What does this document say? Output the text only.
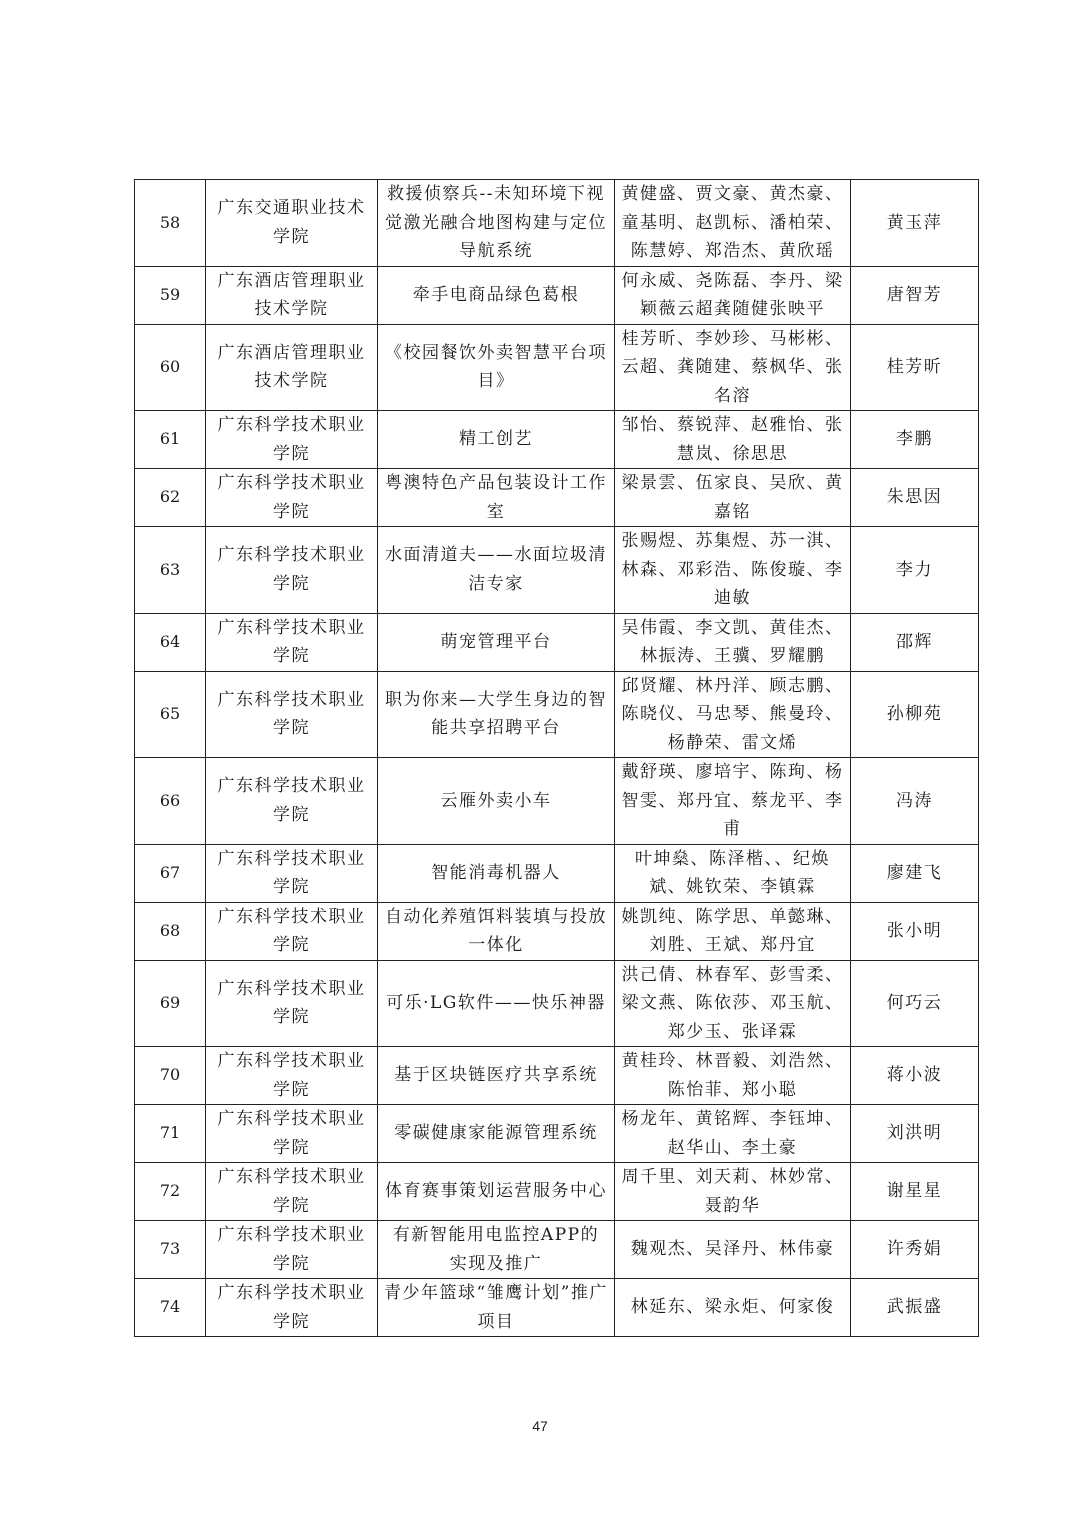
58	广东交通职业技术学院	救援侦察兵--未知环境下视觉激光融合地图构建与定位导航系统	黄健盛、贾文豪、黄杰豪、童基明、赵凯标、潘柏荣、陈慧婷、郑浩杰、黄欣瑶	黄玉萍
59	广东酒店管理职业技术学院	牵手电商品绿色葛根	何永威、尧陈磊、李丹、梁颖薇云超龚随健张映平	唐智芳
60	广东酒店管理职业技术学院	《校园餐饮外卖智慧平台项目》	桂芳昕、李妙珍、马彬彬、云超、龚随建、蔡枫华、张名溶	桂芳昕
61	广东科学技术职业学院	精工创艺	邹怡、蔡锐萍、赵雅怡、张慧岚、徐思思	李鹏
62	广东科学技术职业学院	粤澳特色产品包装设计工作室	梁景雲、伍家良、吴欣、黄嘉铭	朱思因
63	广东科学技术职业学院	水面清道夫——水面垃圾清洁专家	张赐煜、苏集煜、苏一淇、林森、邓彩浩、陈俊璇、李迪敏	李力
64	广东科学技术职业学院	萌宠管理平台	吴伟霞、李文凯、黄佳杰、林振涛、王骥、罗耀鹏	邵辉
65	广东科学技术职业学院	职为你来—大学生身边的智能共享招聘平台	邱贤耀、林丹洋、顾志鹏、陈晓仪、马忠琴、熊曼玲、杨静荣、雷文烯	孙柳苑
66	广东科学技术职业学院	云雁外卖小车	戴舒瑛、廖培宇、陈珣、杨智雯、郑丹宜、蔡龙平、李甫	冯涛
67	广东科学技术职业学院	智能消毒机器人	叶坤燊、陈泽楷、、纪焕斌、姚钦荣、李镇霖	廖建飞
68	广东科学技术职业学院	自动化养殖饵料装填与投放一体化	姚凯纯、陈学思、单懿琳、刘胜、王斌、郑丹宜	张小明
69	广东科学技术职业学院	可乐·LG软件——快乐神器	洪己倩、林春军、彭雪柔、梁文燕、陈依莎、邓玉航、郑少玉、张译霖	何巧云
70	广东科学技术职业学院	基于区块链医疗共享系统	黄桂玲、林晋毅、刘浩然、陈怡菲、郑小聪	蒋小波
71	广东科学技术职业学院	零碳健康家能源管理系统	杨龙年、黄铭辉、李钰坤、赵华山、李土豪	刘洪明
72	广东科学技术职业学院	体育赛事策划运营服务中心	周千里、刘天莉、林妙常、聂韵华	谢星星
73	广东科学技术职业学院	有新智能用电监控APP的实现及推广	魏观杰、吴泽丹、林伟豪	许秀娟
74	广东科学技术职业学院	青少年篮球“雏鹰计划”推广项目	林延东、梁永炬、何家俊	武振盛
47
